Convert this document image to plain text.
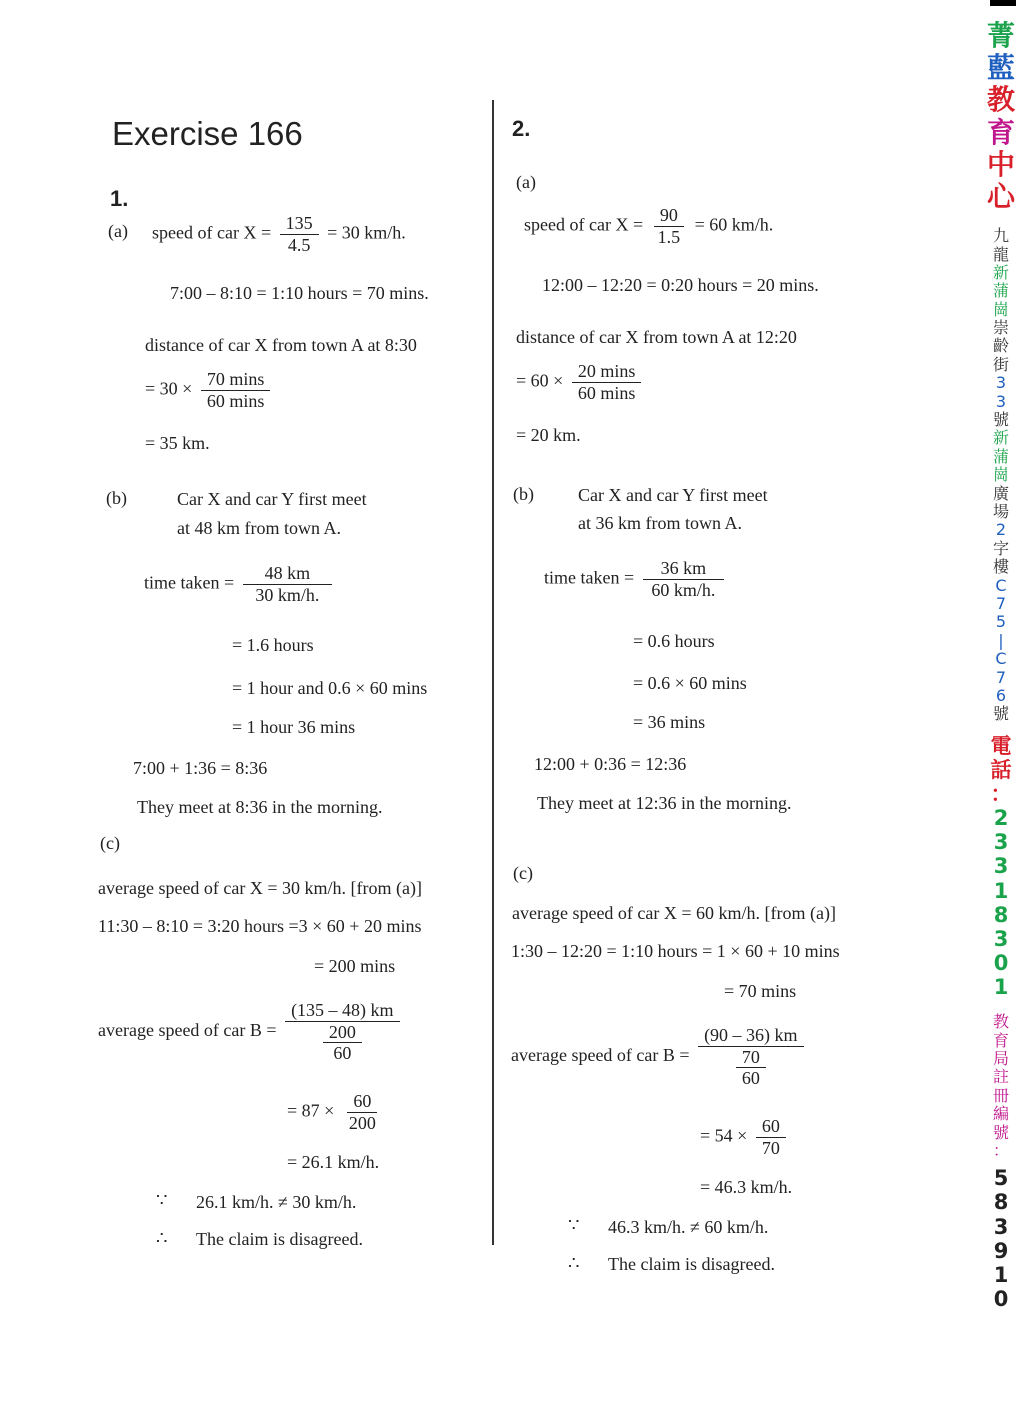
Exercise 166
1.
(a) speed of car $X = \frac{135}{4.5} = 30$ km/h.
7:00 – 8:10 = 1:10 hours = 70 mins.
distance of car X from town A at 8:30
= $30 \times \frac{70 \min s}{60 \min s}$
= 35 km.
(b)	Car X and car Y first meet
at 48 km from town A.
time taken = $\frac{48 km}{30 km/h.}$
= 1.6 hours
= 1 hour and 0.6 × 60 mins
= 1 hour 36 mins
7:00 + 1:36 = 8:36
They meet at 8:36 in the morning.
(c)
average speed of car X = 30 km/h. [from (a)]
11:30 – 8:10 = 3:20 hours =3 × 60 + 20 mins
= 200 mins
average speed of car $B = \frac{(135 - 48) km}{\frac{200}{60}}$
= $87 \times \frac{60}{200}$
= 26.1 km/h.
∵ 26.1 km/h. ≠ 30 km/h.
∴ The claim is disagreed.
2.
(a)
speed of car $X = \frac{90}{1.5} = 60$ km/h.
12:00 – 12:20 = 0:20 hours = 20 mins.
distance of car X from town A at 12:20
= $60 \times \frac{20 \min s}{60 \min s}$
= 20 km.
(b) Car X and car Y first meet
at 36 km from town A.
time taken = $\frac{36 km}{60 km/h.}$
= 0.6 hours
= 0.6 × 60 mins
= 36 mins
12:00 + 0:36 = 12:36
They meet at 12:36 in the morning.
(c)
average speed of car X = 60 km/h. [from (a)]
1:30 – 12:20 = 1:10 hours = 1 × 60 + 10 mins
= 70 mins
average speed of car $B = \frac{(90 - 36) km}{\frac{70}{60}}$
= $54 \times \frac{60}{70}$
= 46.3 km/h.
∵ 46.3 km/h. ≠ 60 km/h.
∴ The claim is disagreed.
菁
藍
教
育
中
心
九
龍
新
蒲
崗
崇
齡
街
3
3
號
新
蒲
崗
廣
場
2
字
樓
C
7
5
|
C
7
6
號
電
話
：
2
3
3
1
8
3
0
1
教
育
局
註
冊
編
號
：
5
8
3
9
1
0
